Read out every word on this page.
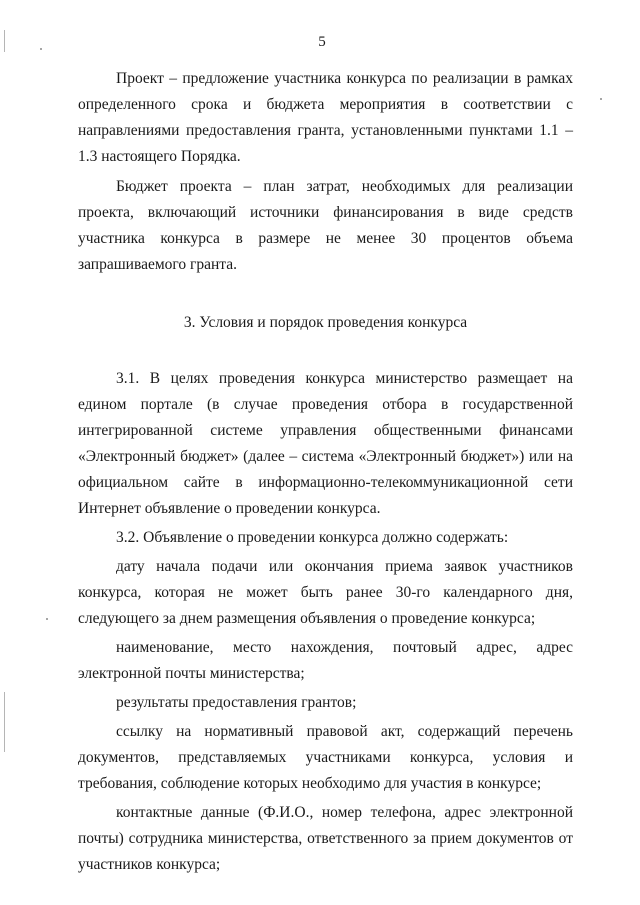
5

Проект – предложение участника конкурса по реализации в рамках определенного срока и бюджета мероприятия в соответствии с направлениями предоставления гранта, установленными пунктами 1.1 – 1.3 настоящего Порядка.

Бюджет проекта – план затрат, необходимых для реализации проекта, включающий источники финансирования в виде средств участника конкурса в размере не менее 30 процентов объема запрашиваемого гранта.

3. Условия и порядок проведения конкурса

3.1. В целях проведения конкурса министерство размещает на едином портале (в случае проведения отбора в государственной интегрированной системе управления общественными финансами «Электронный бюджет» (далее – система «Электронный бюджет») или на официальном сайте в информационно-телекоммуникационной сети Интернет объявление о проведении конкурса.

3.2. Объявление о проведении конкурса должно содержать:

дату начала подачи или окончания приема заявок участников конкурса, которая не может быть ранее 30-го календарного дня, следующего за днем размещения объявления о проведение конкурса;

наименование, место нахождения, почтовый адрес, адрес электронной почты министерства;

результаты предоставления грантов;

ссылку на нормативный правовой акт, содержащий перечень документов, представляемых участниками конкурса, условия и требования, соблюдение которых необходимо для участия в конкурсе;

контактные данные (Ф.И.О., номер телефона, адрес электронной почты) сотрудника министерства, ответственного за прием документов от участников конкурса;
